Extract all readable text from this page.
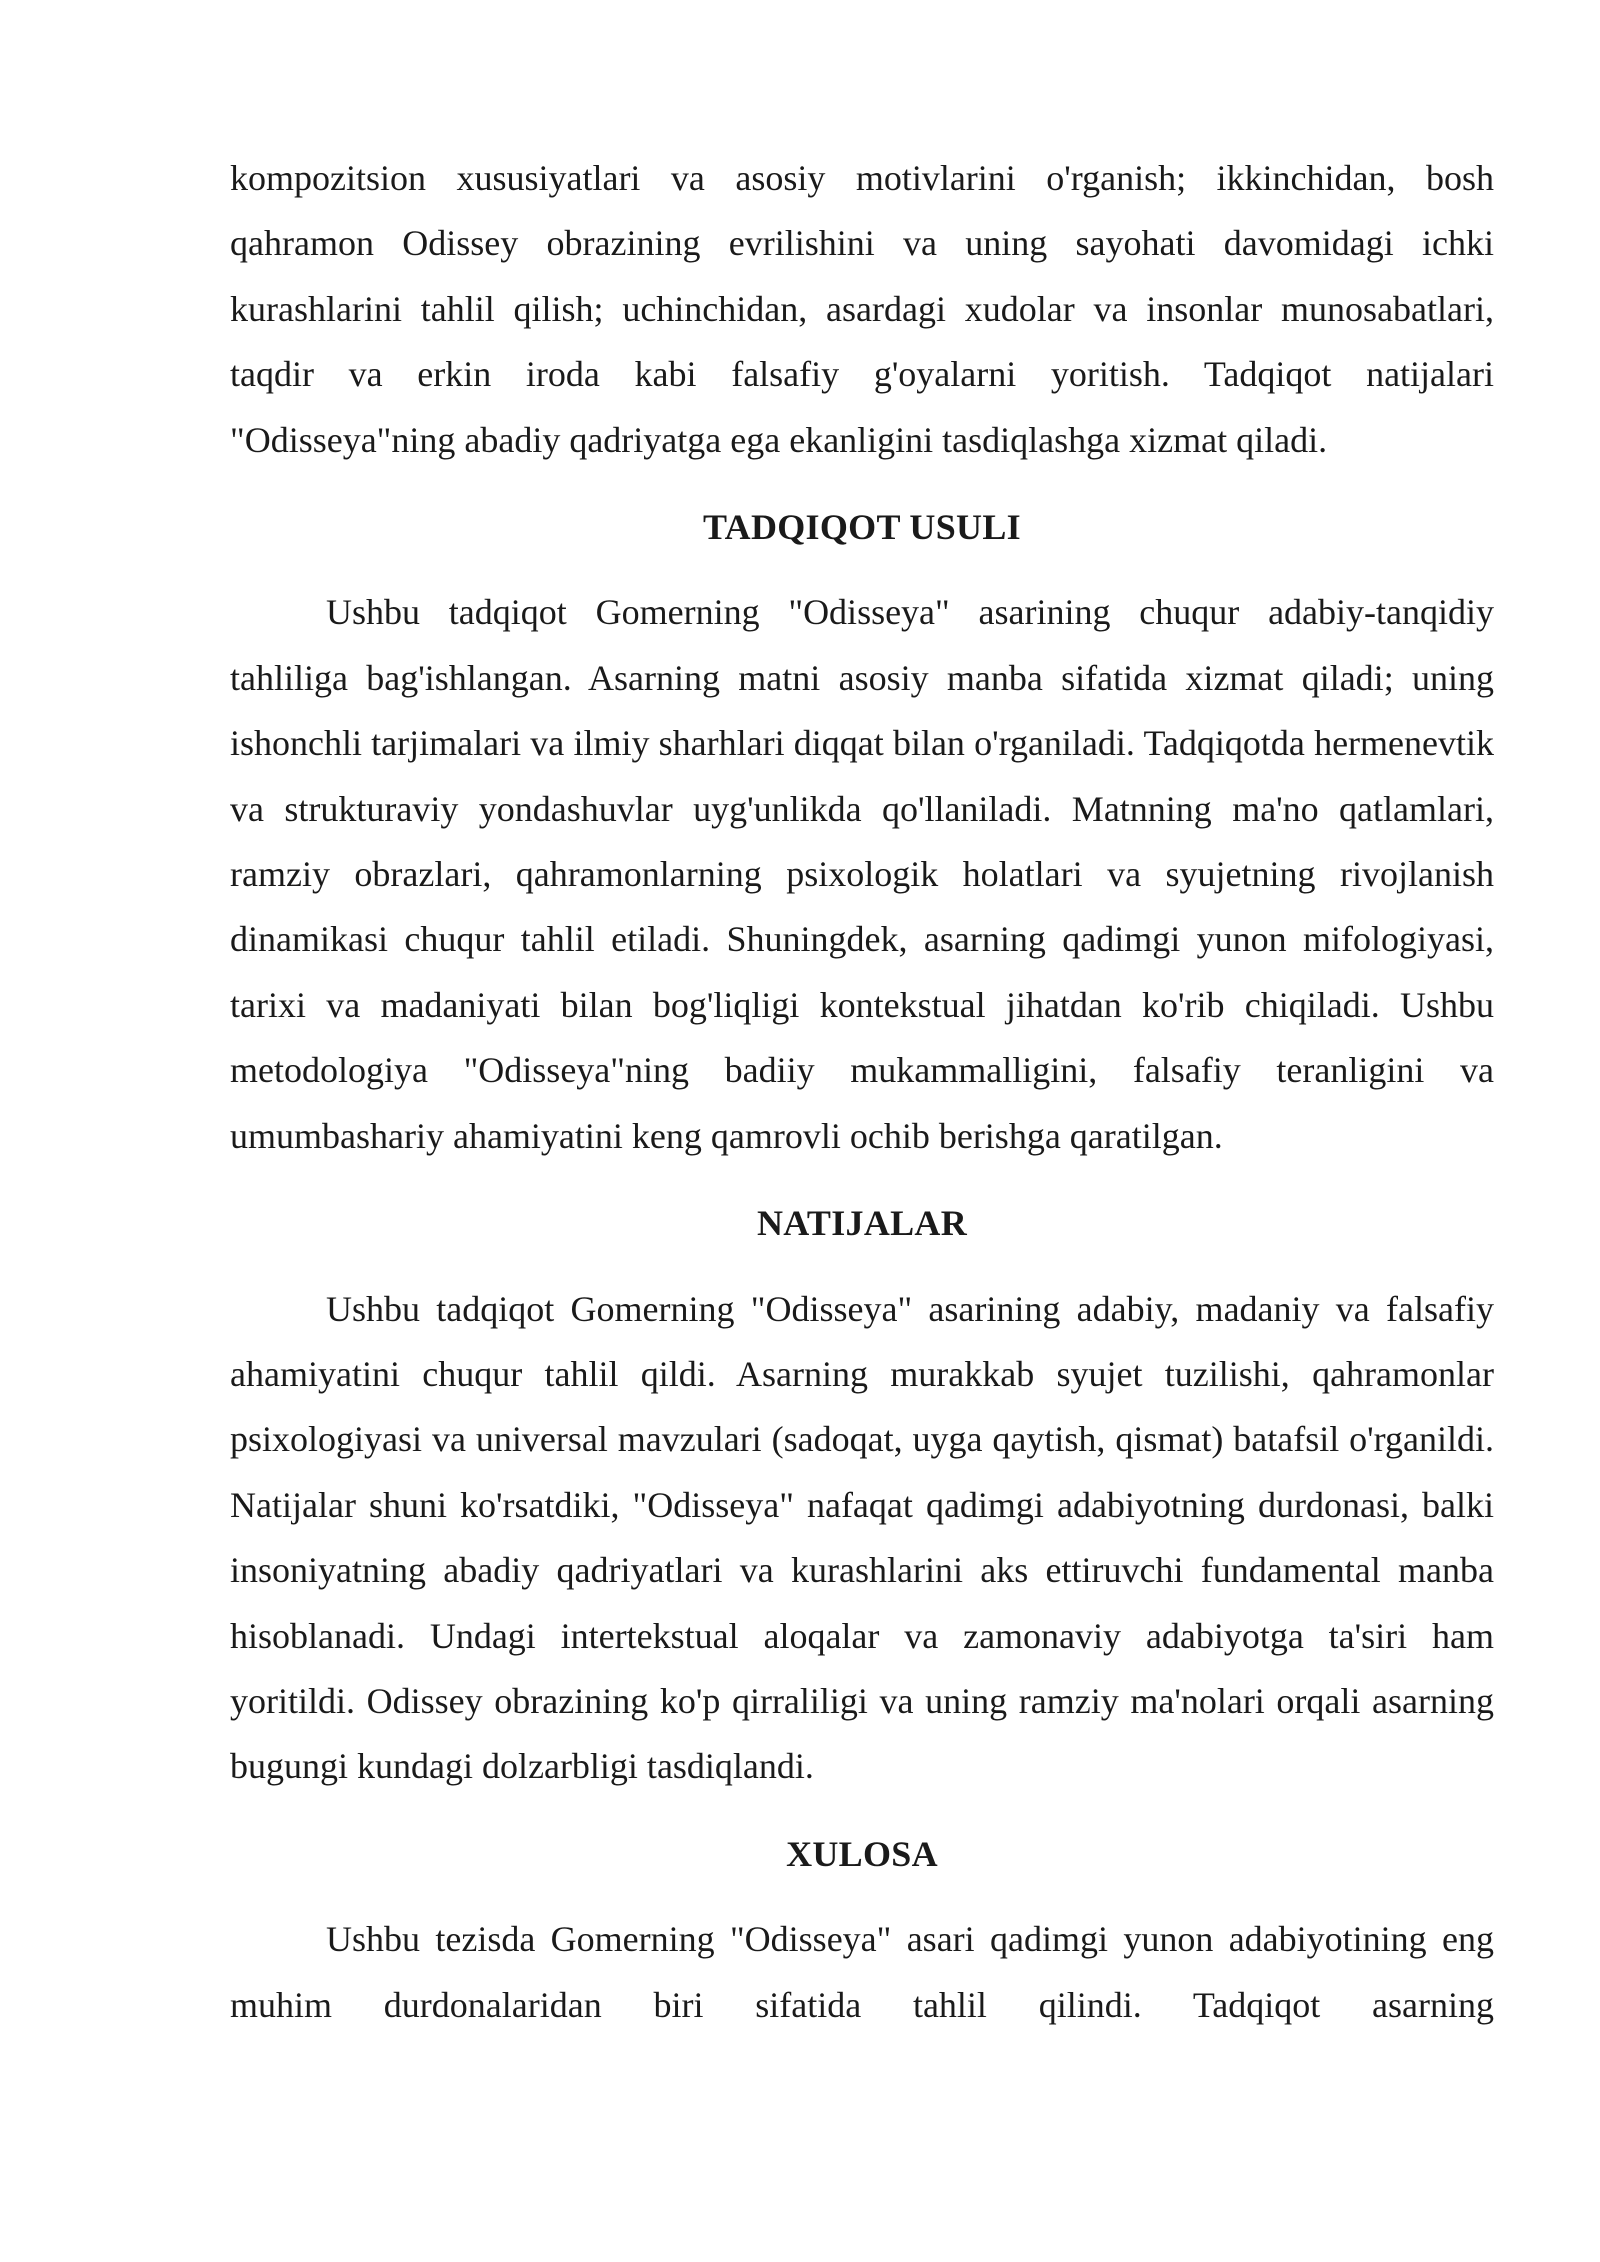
kompozitsion xususiyatlari va asosiy motivlarini o'rganish; ikkinchidan, bosh qahramon Odissey obrazining evrilishini va uning sayohati davomidagi ichki kurashlarini tahlil qilish; uchinchidan, asardagi xudolar va insonlar munosabatlari, taqdir va erkin iroda kabi falsafiy g'oyalarni yoritish. Tadqiqot natijalari "Odisseya"ning abadiy qadriyatga ega ekanligini tasdiqlashga xizmat qiladi.

TADQIQOT USULI

Ushbu tadqiqot Gomerning "Odisseya" asarining chuqur adabiy-tanqidiy tahliliga bag'ishlangan. Asarning matni asosiy manba sifatida xizmat qiladi; uning ishonchli tarjimalari va ilmiy sharhlari diqqat bilan o'rganiladi. Tadqiqotda hermenevtik va strukturaviy yondashuvlar uyg'unlikda qo'llaniladi. Matnning ma'no qatlamlari, ramziy obrazlari, qahramonlarning psixologik holatlari va syujetning rivojlanish dinamikasi chuqur tahlil etiladi. Shuningdek, asarning qadimgi yunon mifologiyasi, tarixi va madaniyati bilan bog'liqligi kontekstual jihatdan ko'rib chiqiladi. Ushbu metodologiya "Odisseya"ning badiiy mukammalligini, falsafiy teranligini va umumbashariy ahamiyatini keng qamrovli ochib berishga qaratilgan.

NATIJALAR

Ushbu tadqiqot Gomerning "Odisseya" asarining adabiy, madaniy va falsafiy ahamiyatini chuqur tahlil qildi. Asarning murakkab syujet tuzilishi, qahramonlar psixologiyasi va universal mavzulari (sadoqat, uyga qaytish, qismat) batafsil o'rganildi. Natijalar shuni ko'rsatdiki, "Odisseya" nafaqat qadimgi adabiyotning durdonasi, balki insoniyatning abadiy qadriyatlari va kurashlarini aks ettiruvchi fundamental manba hisoblanadi. Undagi intertekstual aloqalar va zamonaviy adabiyotga ta'siri ham yoritildi. Odissey obrazining ko'p qirraliligi va uning ramziy ma'nolari orqali asarning bugungi kundagi dolzarbligi tasdiqlandi.

XULOSA

Ushbu tezisda Gomerning "Odisseya" asari qadimgi yunon adabiyotining eng muhim durdonalaridan biri sifatida tahlil qilindi. Tadqiqot asarning
